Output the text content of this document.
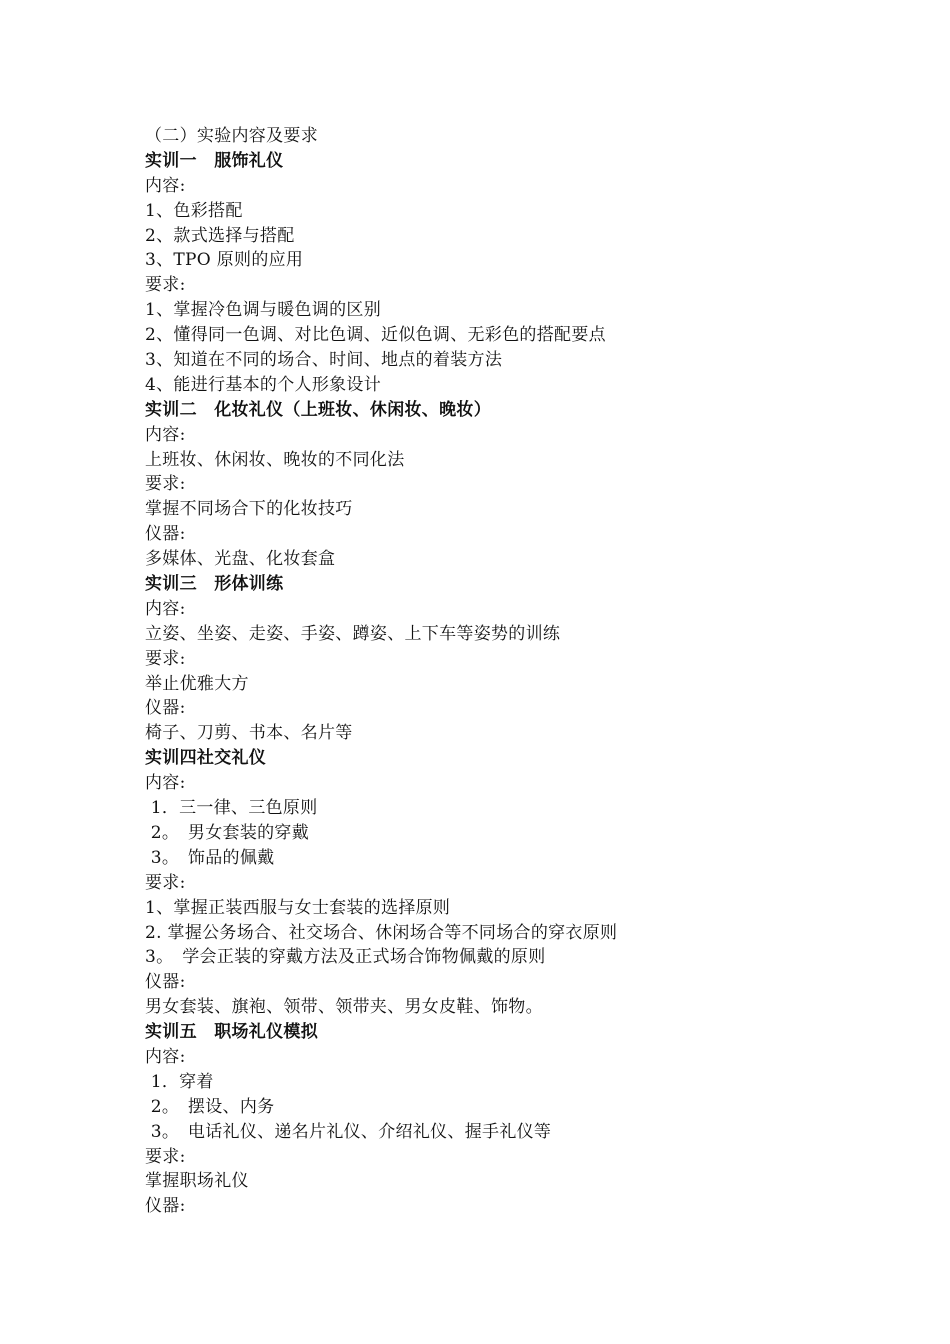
（二）实验内容及要求
实训一　服饰礼仪
内容:
1、色彩搭配
2、款式选择与搭配
3、TPO 原则的应用
要求:
1、掌握冷色调与暖色调的区别
2、懂得同一色调、对比色调、近似色调、无彩色的搭配要点
3、知道在不同的场合、时间、地点的着装方法
4、能进行基本的个人形象设计
实训二　化妆礼仪（上班妆、休闲妆、晚妆）
内容:
上班妆、休闲妆、晚妆的不同化法
要求:
掌握不同场合下的化妆技巧
仪器:
多媒体、光盘、化妆套盒
实训三　形体训练
内容:
立姿、坐姿、走姿、手姿、蹲姿、上下车等姿势的训练
要求:
举止优雅大方
仪器:
椅子、刀剪、书本、名片等
实训四社交礼仪
内容:
1．三一律、三色原则
2。　男女套装的穿戴
3。　饰品的佩戴
要求:
1、掌握正装西服与女士套装的选择原则
2. 掌握公务场合、社交场合、休闲场合等不同场合的穿衣原则
3。　学会正装的穿戴方法及正式场合饰物佩戴的原则
仪器:
男女套装、旗袍、领带、领带夹、男女皮鞋、饰物。
实训五　职场礼仪模拟
内容:
1．穿着
2。　摆设、内务
3。　电话礼仪、递名片礼仪、介绍礼仪、握手礼仪等
要求:
掌握职场礼仪
仪器:
